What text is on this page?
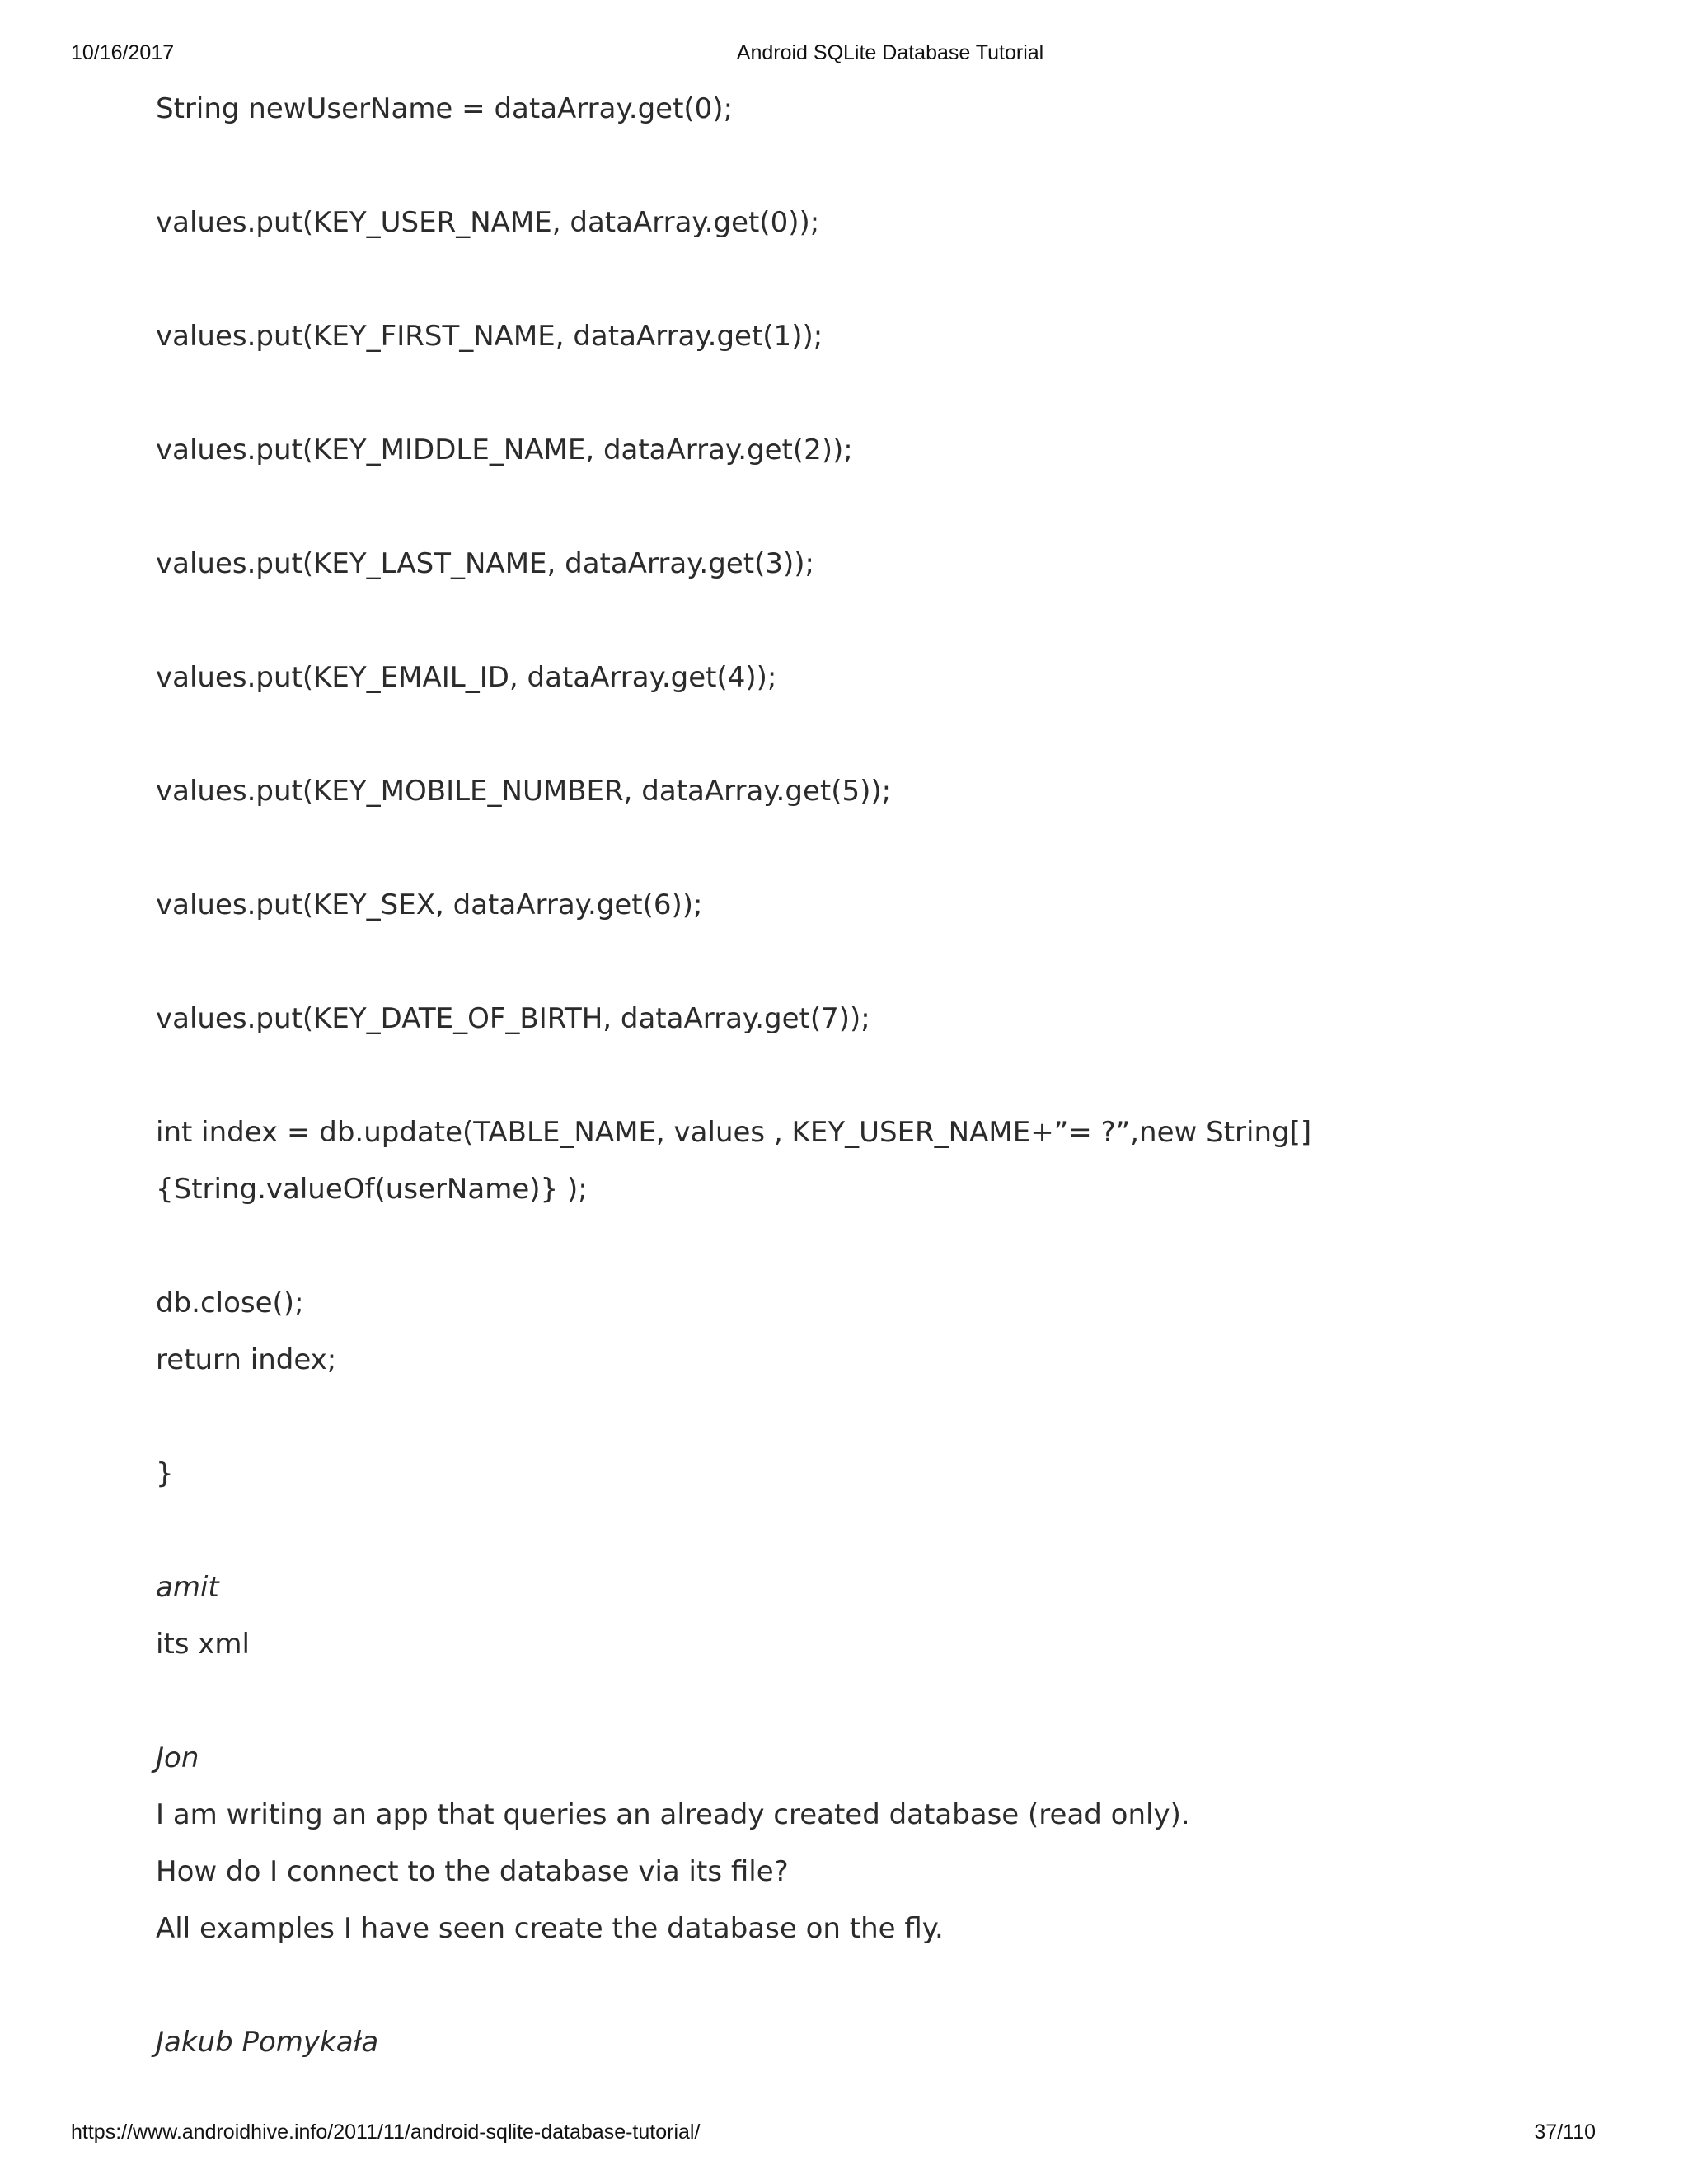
10/16/2017	Android SQLite Database Tutorial
String newUserName = dataArray.get(0);
values.put(KEY_USER_NAME, dataArray.get(0));
values.put(KEY_FIRST_NAME, dataArray.get(1));
values.put(KEY_MIDDLE_NAME, dataArray.get(2));
values.put(KEY_LAST_NAME, dataArray.get(3));
values.put(KEY_EMAIL_ID, dataArray.get(4));
values.put(KEY_MOBILE_NUMBER, dataArray.get(5));
values.put(KEY_SEX, dataArray.get(6));
values.put(KEY_DATE_OF_BIRTH, dataArray.get(7));
int index = db.update(TABLE_NAME, values , KEY_USER_NAME+”= ?”,new String[]
{String.valueOf(userName)} );
db.close();
return index;
}
amit
its xml
Jon
I am writing an app that queries an already created database (read only).
How do I connect to the database via its file?
All examples I have seen create the database on the fly.
Jakub Pomykała
https://www.androidhive.info/2011/11/android-sqlite-database-tutorial/	37/110
